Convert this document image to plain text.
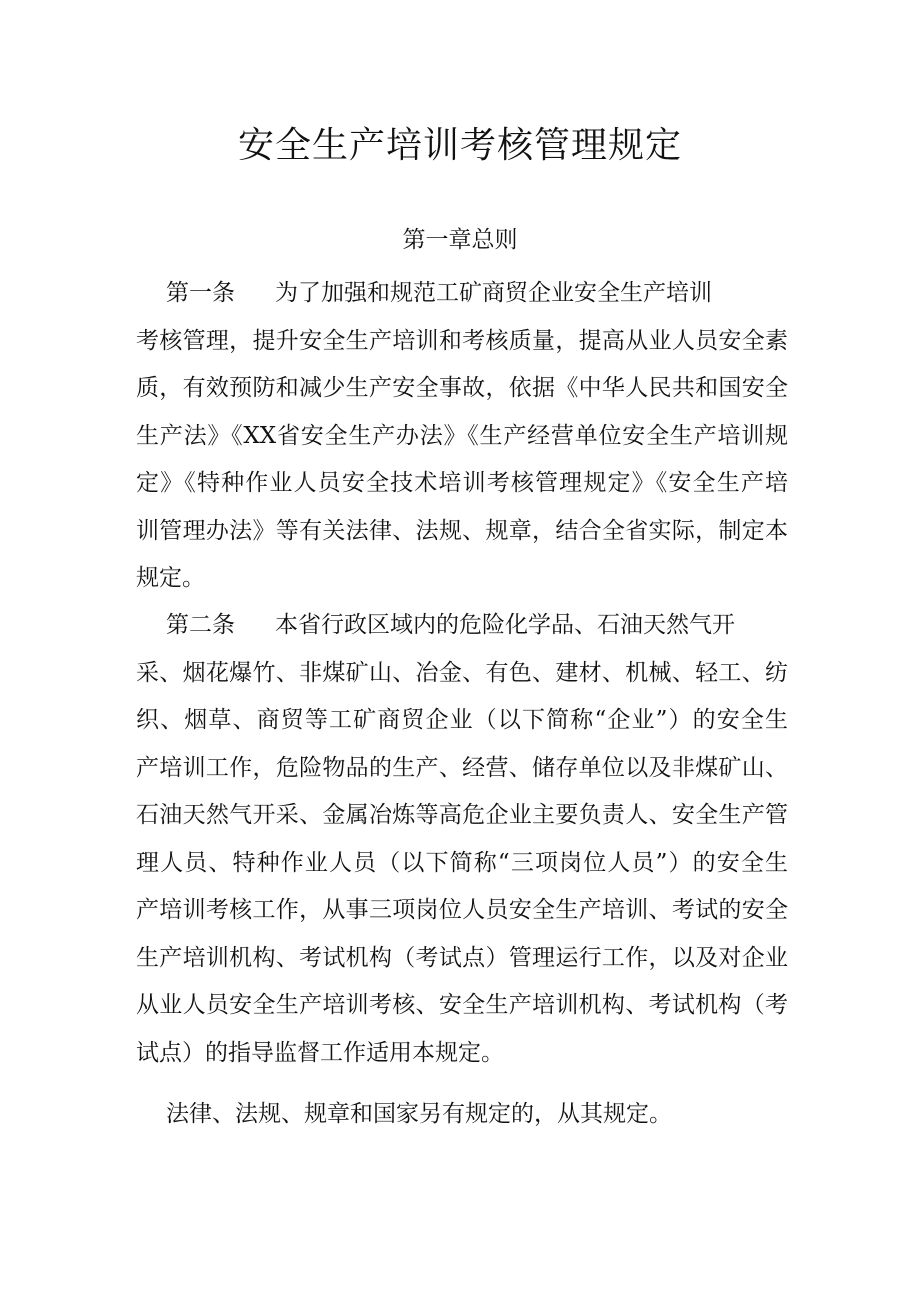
安全生产培训考核管理规定
第一章总则
第一条 为了加强和规范工矿商贸企业安全生产培训
考核管理，提升安全生产培训和考核质量，提高从业人员安全素
质，有效预防和减少生产安全事故，依据《中华人民共和国安全
生产法》《XX省安全生产办法》《生产经营单位安全生产培训规
定》《特种作业人员安全技术培训考核管理规定》《安全生产培
训管理办法》等有关法律、法规、规章，结合全省实际，制定本
规定。
第二条 本省行政区域内的危险化学品、石油天然气开
采、烟花爆竹、非煤矿山、冶金、有色、建材、机械、轻工、纺
织、烟草、商贸等工矿商贸企业（以下简称“企业”）的安全生
产培训工作，危险物品的生产、经营、储存单位以及非煤矿山、
石油天然气开采、金属冶炼等高危企业主要负责人、安全生产管
理人员、特种作业人员（以下简称“三项岗位人员”）的安全生
产培训考核工作，从事三项岗位人员安全生产培训、考试的安全
生产培训机构、考试机构（考试点）管理运行工作，以及对企业
从业人员安全生产培训考核、安全生产培训机构、考试机构（考
试点）的指导监督工作适用本规定。
法律、法规、规章和国家另有规定的，从其规定。
